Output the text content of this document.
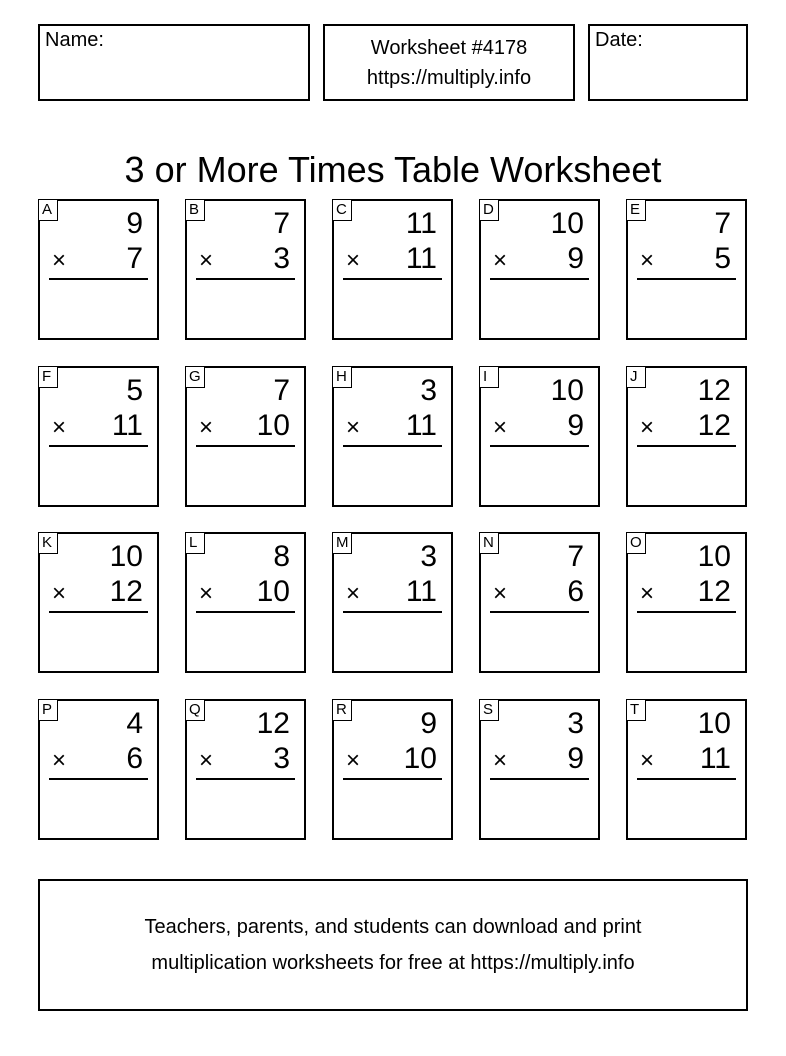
Name:	Worksheet #4178
https://multiply.info
Date:
3 or More Times Table Worksheet
A 9
× 7
B 7
× 3
C 11
× 11
D 10
× 9
E 7
× 5
F	5
× 11
G 7
× 10
H 3
× 11
I	10
× 9
J 12
× 12
K 10
× 12
L	8
× 10
M 3
× 11
N 7
× 6
O 10
× 12
P 4
× 6
Q 12
× 3
R 9
× 10
S 3
× 9
T 10
× 11
Teachers, parents, and students can download and print
multiplication worksheets for free at https://multiply.info
